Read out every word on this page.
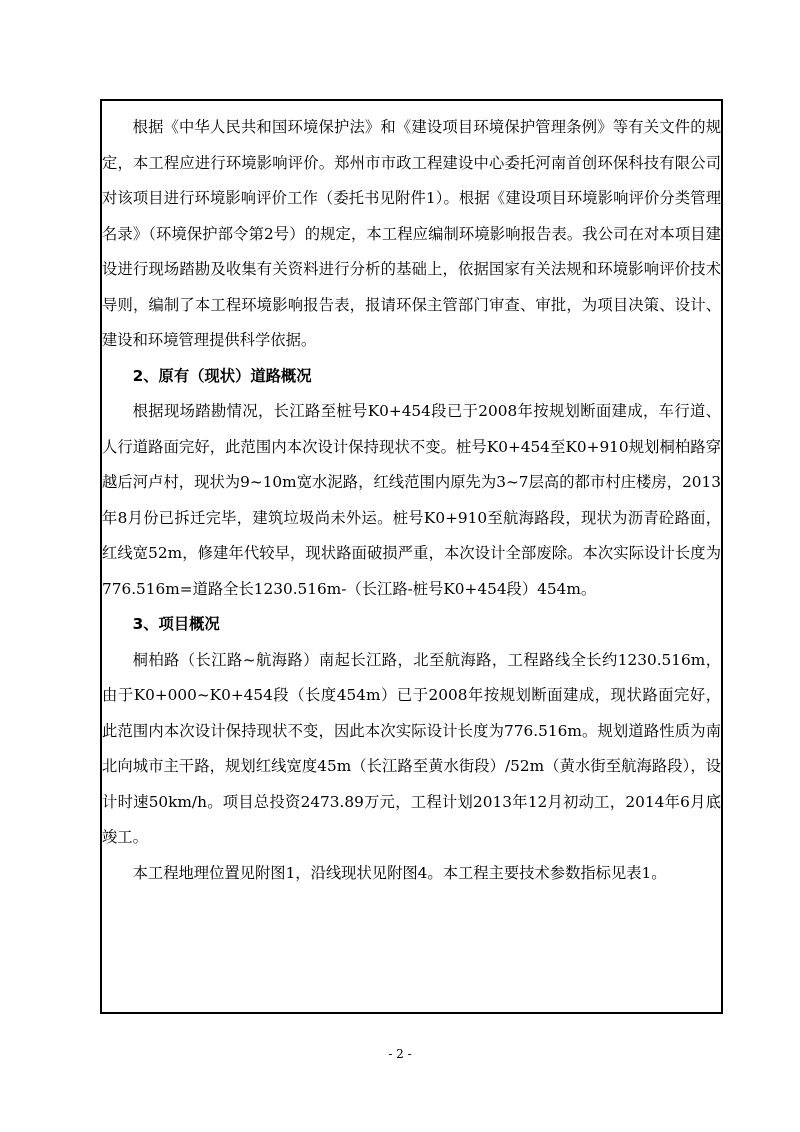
根据《中华人民共和国环境保护法》和《建设项目环境保护管理条例》等有关文件的规定，本工程应进行环境影响评价。郑州市市政工程建设中心委托河南首创环保科技有限公司对该项目进行环境影响评价工作（委托书见附件1）。根据《建设项目环境影响评价分类管理名录》（环境保护部令第2号）的规定，本工程应编制环境影响报告表。我公司在对本项目建设进行现场踏勘及收集有关资料进行分析的基础上，依据国家有关法规和环境影响评价技术导则，编制了本工程环境影响报告表，报请环保主管部门审查、审批，为项目决策、设计、建设和环境管理提供科学依据。

2、原有（现状）道路概况

根据现场踏勘情况，长江路至桩号K0+454段已于2008年按规划断面建成，车行道、人行道路面完好，此范围内本次设计保持现状不变。桩号K0+454至K0+910规划桐柏路穿越后河卢村，现状为9~10m宽水泥路，红线范围内原先为3~7层高的都市村庄楼房，2013年8月份已拆迁完毕，建筑垃圾尚未外运。桩号K0+910至航海路段，现状为沥青砼路面，红线宽52m，修建年代较早，现状路面破损严重，本次设计全部废除。本次实际设计长度为776.516m=道路全长1230.516m-（长江路-桩号K0+454段）454m。

3、项目概况

桐柏路（长江路~航海路）南起长江路，北至航海路，工程路线全长约1230.516m，由于K0+000~K0+454段（长度454m）已于2008年按规划断面建成，现状路面完好，此范围内本次设计保持现状不变，因此本次实际设计长度为776.516m。规划道路性质为南北向城市主干路，规划红线宽度45m（长江路至黄水街段）/52m（黄水街至航海路段），设计时速50km/h。项目总投资2473.89万元，工程计划2013年12月初动工，2014年6月底竣工。

本工程地理位置见附图1，沿线现状见附图4。本工程主要技术参数指标见表1。

- 2 -
